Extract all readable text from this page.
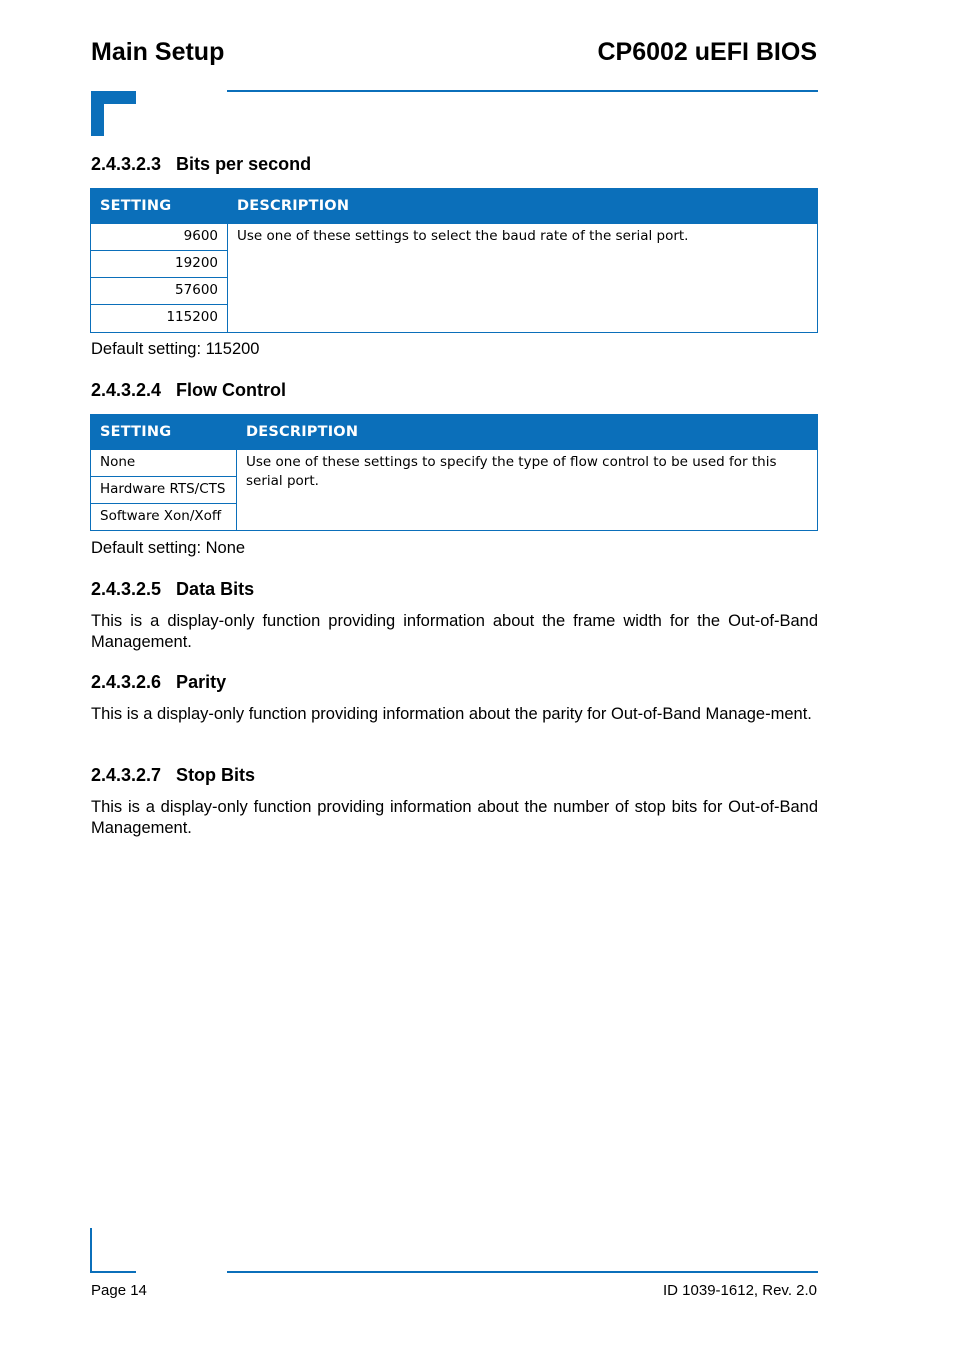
Main Setup	CP6002 uEFI BIOS
2.4.3.2.3   Bits per second
SETTING	DESCRIPTION
9600	Use one of these settings to select the baud rate of the serial port.
19200	
57600	
115200	
Default setting: 115200
2.4.3.2.4   Flow Control
SETTING	DESCRIPTION
None	Use one of these settings to specify the type of flow control to be used for this serial port.
Hardware RTS/CTS	
Software Xon/Xoff	
Default setting: None
2.4.3.2.5   Data Bits
This is a display-only function providing information about the frame width for the Out-of-Band Management.
2.4.3.2.6   Parity
This is a display-only function providing information about the parity for Out-of-Band Manage-ment.
2.4.3.2.7   Stop Bits
This is a display-only function providing information about the number of stop bits for Out-of-Band Management.
Page 14	ID 1039-1612, Rev. 2.0
